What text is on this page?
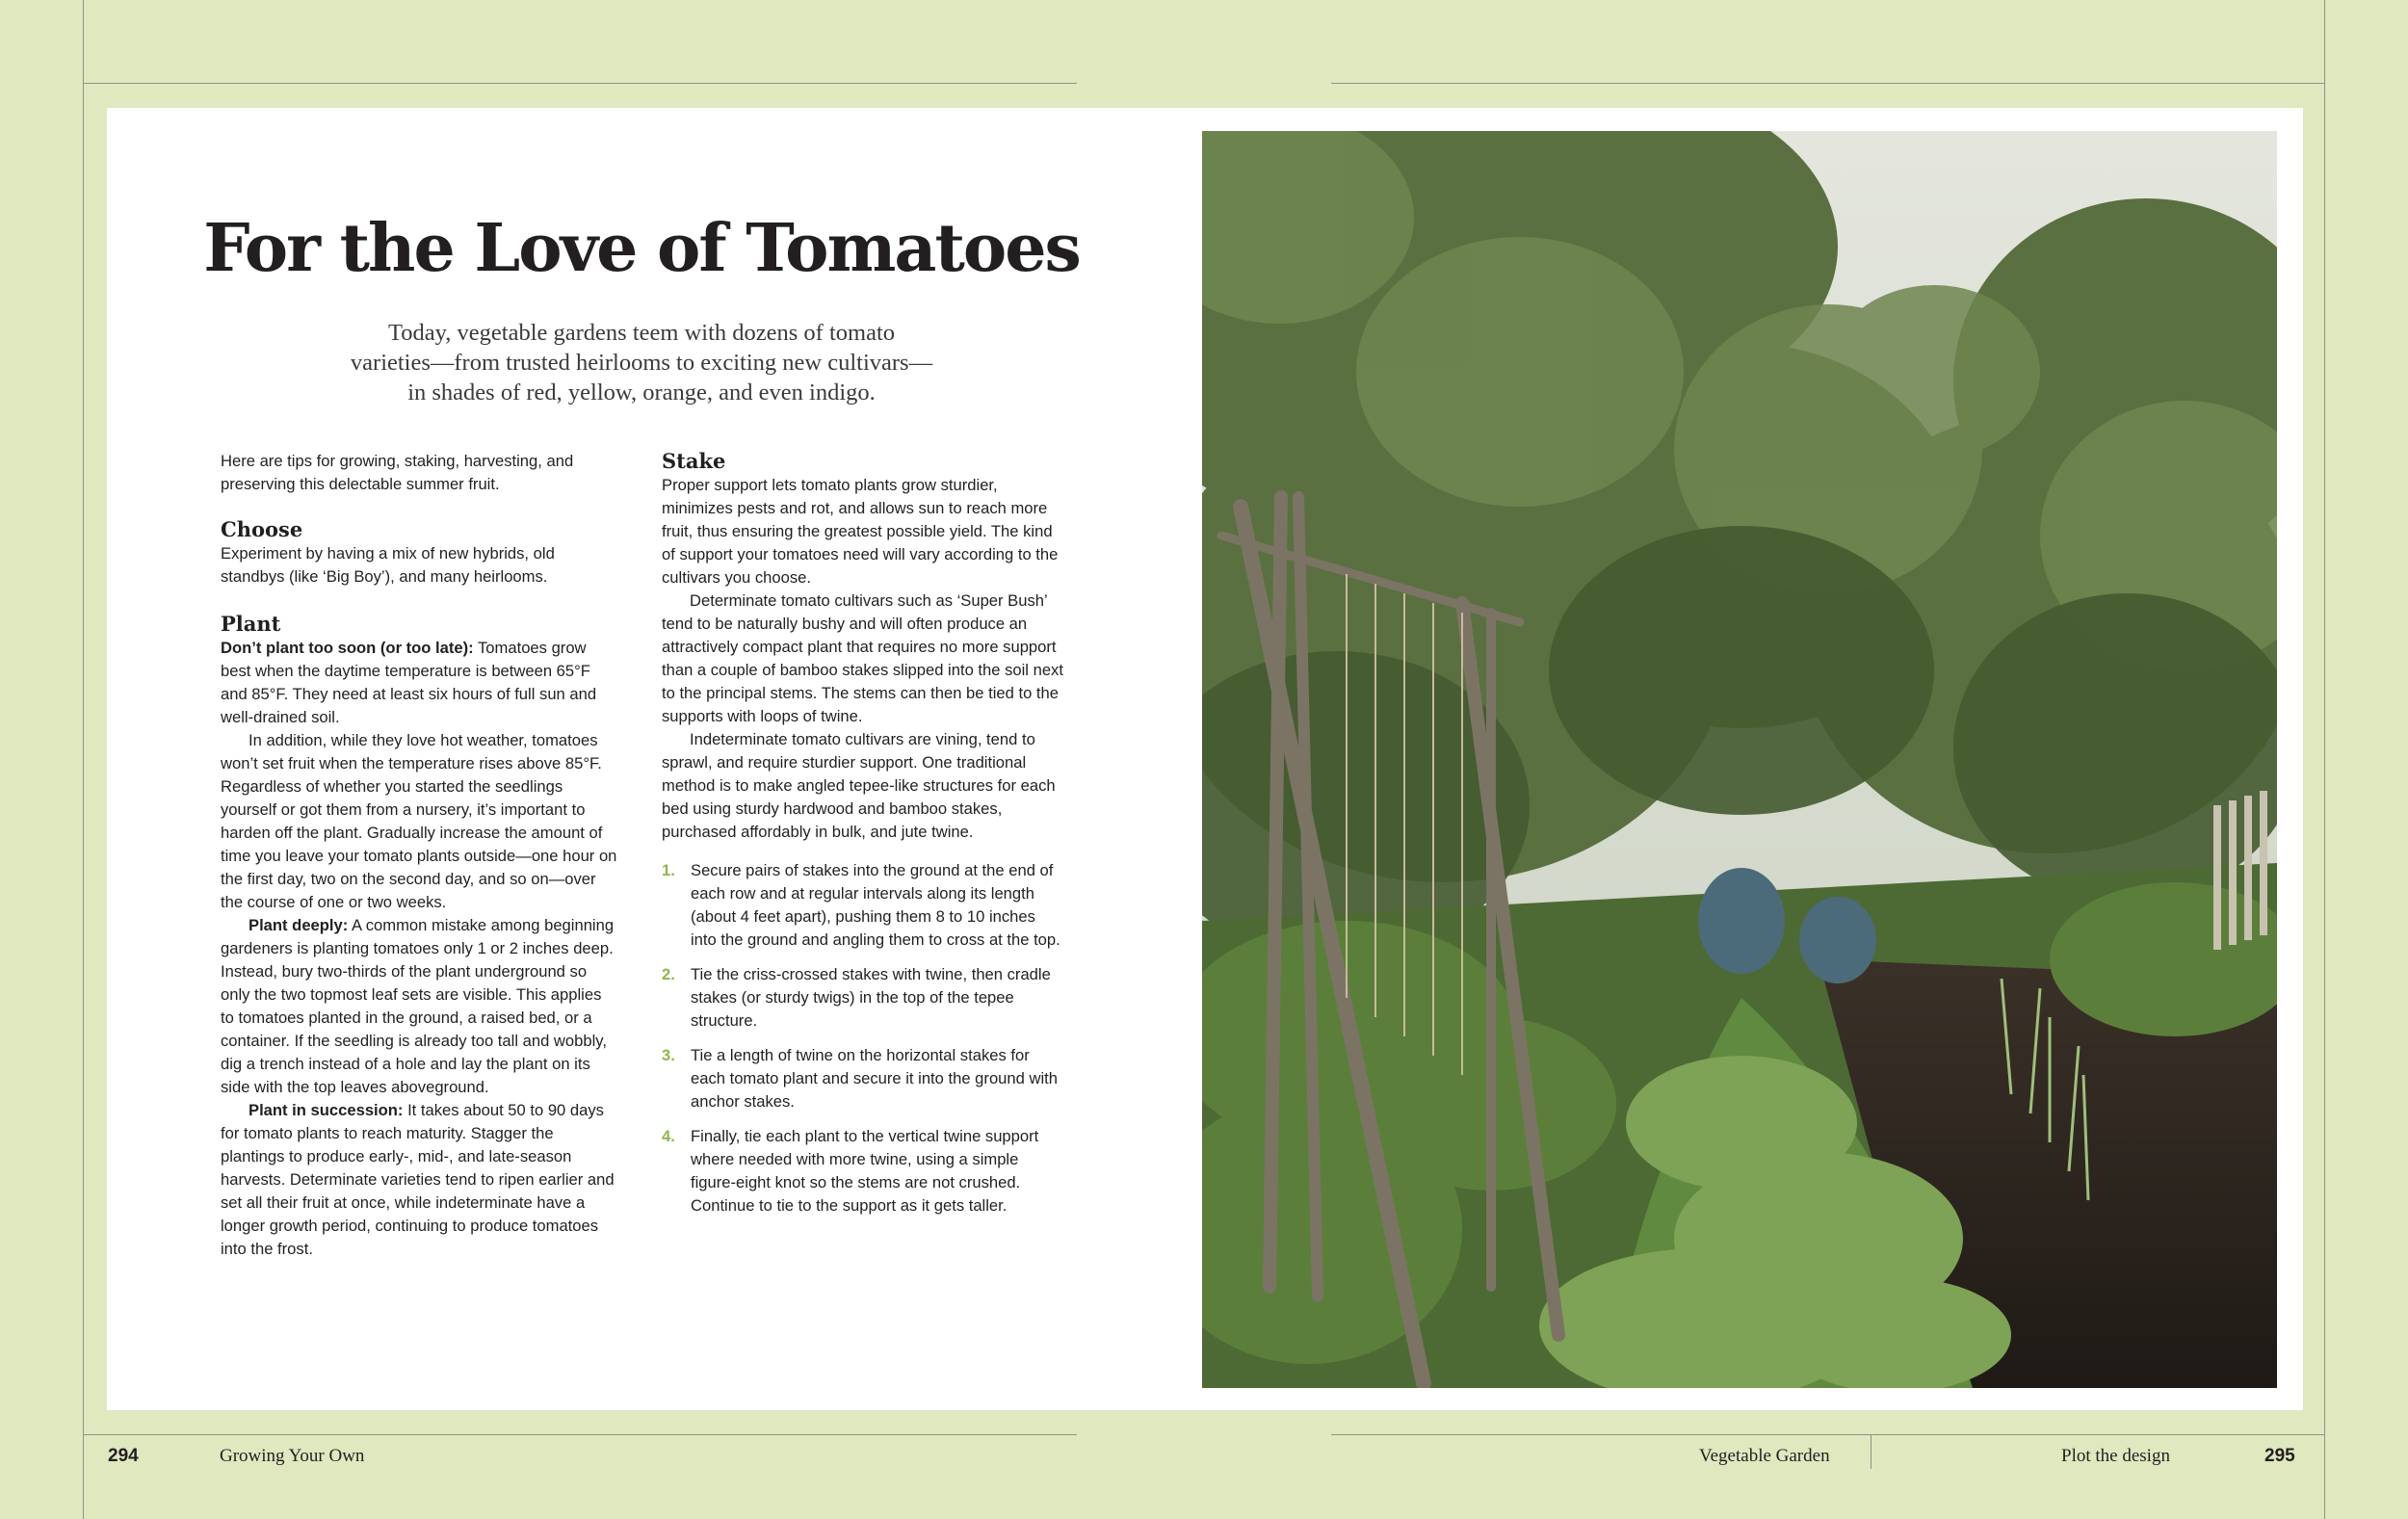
For the Love of Tomatoes
Today, vegetable gardens teem with dozens of tomato
varieties—from trusted heirlooms to exciting new cultivars—
in shades of red, yellow, orange, and even indigo.

Here are tips for growing, staking, harvesting, and preserving this delectable summer fruit.

Choose

Experiment by having a mix of new hybrids, old standbys (like ‘Big Boy’), and many heirlooms.

Plant

Don’t plant too soon (or too late): Tomatoes grow best when the daytime temperature is between 65°F and 85°F. They need at least six hours of full sun and well-drained soil.

In addition, while they love hot weather, tomatoes won’t set fruit when the temperature rises above 85°F. Regardless of whether you started the seedlings yourself or got them from a nursery, it’s important to harden off the plant. Gradually increase the amount of time you leave your tomato plants outside—one hour on the first day, two on the second day, and so on—over the course of one or two weeks.

Plant deeply: A common mistake among beginning gardeners is planting tomatoes only 1 or 2 inches deep. Instead, bury two-thirds of the plant underground so only the two topmost leaf sets are visible. This applies to tomatoes planted in the ground, a raised bed, or a container. If the seedling is already too tall and wobbly, dig a trench instead of a hole and lay the plant on its side with the top leaves aboveground.

Plant in succession: It takes about 50 to 90 days for tomato plants to reach maturity. Stagger the plantings to produce early-, mid-, and late-season harvests. Determinate varieties tend to ripen earlier and set all their fruit at once, while indeterminate have a longer growth period, continuing to produce tomatoes into the frost.

Stake

Proper support lets tomato plants grow sturdier, minimizes pests and rot, and allows sun to reach more fruit, thus ensuring the greatest possible yield. The kind of support your tomatoes need will vary according to the cultivars you choose.

Determinate tomato cultivars such as ‘Super Bush’ tend to be naturally bushy and will often produce an attractively compact plant that requires no more support than a couple of bamboo stakes slipped into the soil next to the principal stems. The stems can then be tied to the supports with loops of twine.

Indeterminate tomato cultivars are vining, tend to sprawl, and require sturdier support. One traditional method is to make angled tepee-like structures for each bed using sturdy hardwood and bamboo stakes, purchased affordably in bulk, and jute twine.

1. Secure pairs of stakes into the ground at the end of each row and at regular intervals along its length (about 4 feet apart), pushing them 8 to 10 inches into the ground and angling them to cross at the top.
2. Tie the criss-crossed stakes with twine, then cradle stakes (or sturdy twigs) in the top of the tepee structure.
3. Tie a length of twine on the horizontal stakes for each tomato plant and secure it into the ground with anchor stakes.
4. Finally, tie each plant to the vertical twine support where needed with more twine, using a simple figure-eight knot so the stems are not crushed. Continue to tie to the support as it gets taller.
294	Growing Your Own	Vegetable Garden	Plot the design	295
